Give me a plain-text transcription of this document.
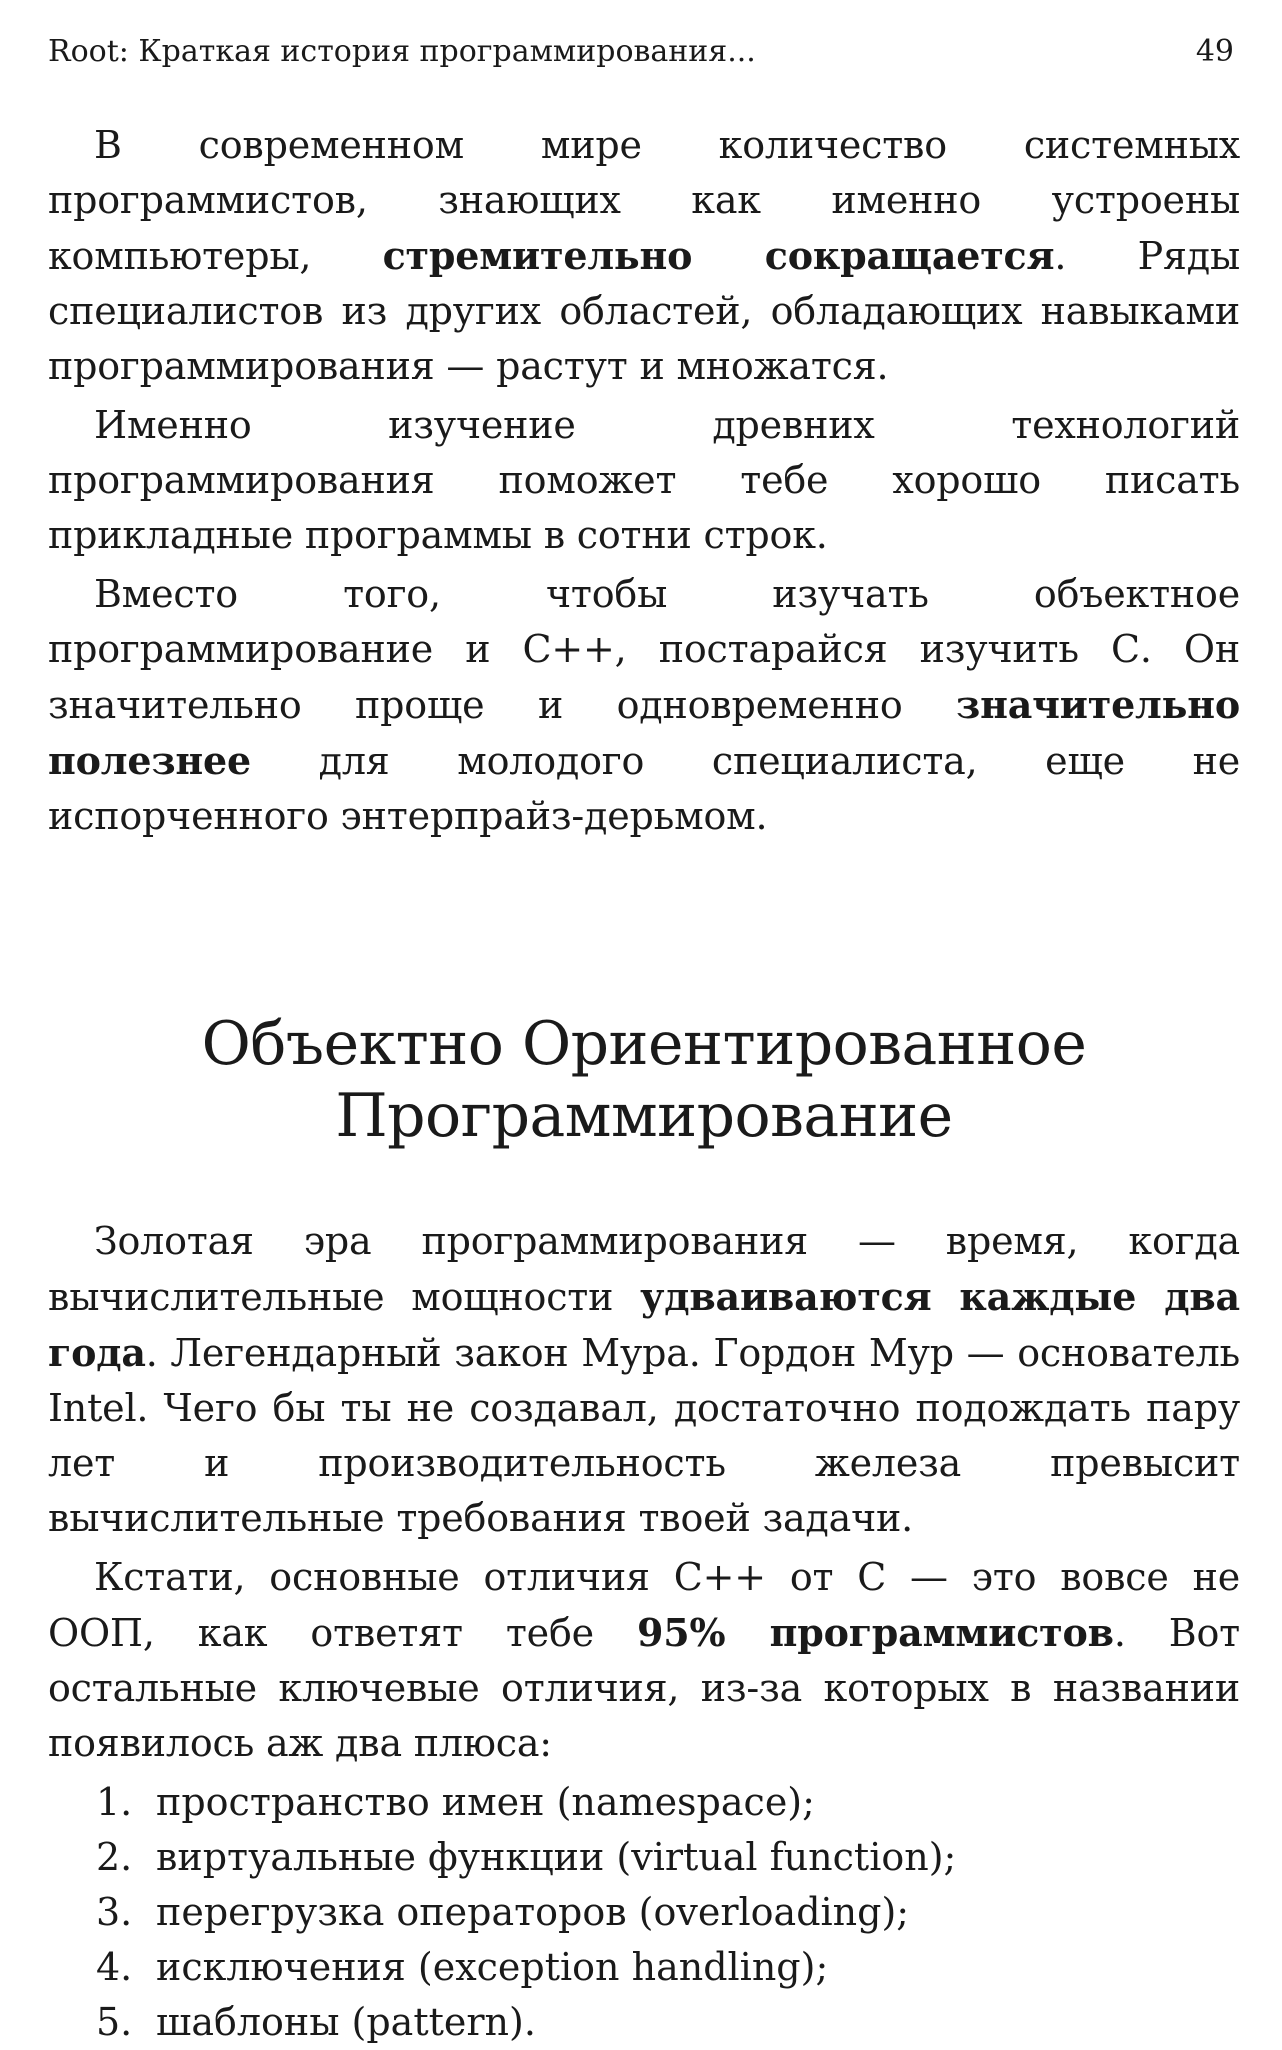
Root: Краткая история программирования...	49

В современном мире количество системных программистов, знающих как именно устроены компьютеры, стремительно сокращается. Ряды специалистов из других областей, обладающих навыками программирования — растут и множатся.

Именно изучение древних технологий программирования поможет тебе хорошо писать прикладные программы в сотни строк.

Вместо того, чтобы изучать объектное программирование и С++, постарайся изучить С. Он значительно проще и одновременно значительно полезнее для молодого специалиста, еще не испорченного энтерпрайз-дерьмом.

Объектно Ориентированное
Программирование

Золотая эра программирования — время, когда вычислительные мощности удваиваются каждые два года. Легендарный закон Мура. Гордон Мур — основатель Intel. Чего бы ты не создавал, достаточно подождать пару лет и производительность железа превысит вычислительные требования твоей задачи.

Кстати, основные отличия С++ от С — это вовсе не ООП, как ответят тебе 95% программистов. Вот остальные ключевые отличия, из-за которых в названии появилось аж два плюса:

1. пространство имен (namespace);
2. виртуальные функции (virtual function);
3. перегрузка операторов (overloading);
4. исключения (exception handling);
5. шаблоны (pattern).
